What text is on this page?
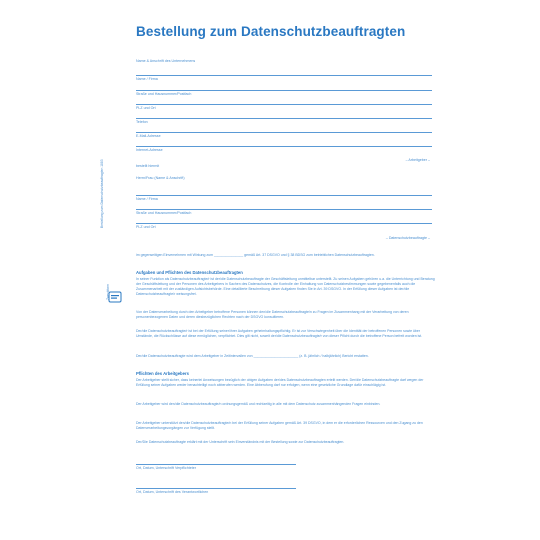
Bestellung zum Datenschutzbeauftragten
Name & Anschrift des Unternehmens
Name / Firma
Straße und Hausnummer/Postfach
PLZ und Ort
Telefon
E-Mail-Adresse
Internet-Adresse
– Arbeitgeber –
bestellt hiermit
Herrn/Frau (Name & Anschrift)
Name / Firma
Straße und Hausnummer/Postfach
PLZ und Ort
– Datenschutzbeauftragte –
im gegenseitigen Einvernehmen mit Wirkung zum _______________ gemäß Art. 37 DSGVO und § 38 BDSG zum betrieblichen Datenschutzbeauftragten.
Aufgaben und Pflichten des Datenschutzbeauftragten
In seiner Funktion als Datenschutzbeauftragte/r ist der/die Datenschutzbeauftragte der Geschäftsleitung unmittelbar unterstellt. Zu seinen Aufgaben gehören u.a. die Unterrichtung und Beratung der Geschäftsleitung und der Personen des Arbeitgebers in Sachen des Datenschutzes, die Kontrolle der Einhaltung von Datenschutzbestimmungen sowie gegebenenfalls auch die Zusammenarbeit mit der zuständigen Aufsichtsbehörde. Eine detaillierte Beschreibung dieser Aufgaben finden Sie in Art. 39 DSGVO. In der Erfüllung dieser Aufgaben ist der/die Datenschutzbeauftragte/r weisungsfrei.
Von der Datenverarbeitung durch den Arbeitgeber betroffene Personen können den/die Datenschutzbeauftragte/n zu Fragen im Zusammenhang mit der Verarbeitung von deren personenbezogenen Daten und deren diesbezüglichen Rechten nach der DSGVO konsultieren.
Der/die Datenschutzbeauftragte/r ist bei der Erfüllung seiner/ihrer Aufgaben geheimhaltungspflichtig. Er ist zur Verschwiegenheit über die Identität der betroffenen Personen sowie über Umstände, die Rückschlüsse auf diese ermöglichen, verpflichtet. Dies gilt nicht, soweit der/die Datenschutzbeauftragte/r von dieser Pflicht durch die betroffene Person befreit worden ist.
Der/die Datenschutzbeauftragte wird dem Arbeitgeber in Zeitintervallen von _______________________ (z. B. jährlich / halbjährlich) Bericht erstatten.
Pflichten des Arbeitgebers
Der Arbeitgeber stellt sicher, dass keinerlei Anweisungen bezüglich der obigen Aufgaben der/des Datenschutzbeauftragten erteilt werden. Der/die Datenschutzbeauftragte darf wegen der Erfüllung seiner Aufgaben weder benachteiligt noch abberufen werden. Eine Abberufung darf nur erfolgen, wenn eine gesetzliche Grundlage dafür einschlägig ist.
Der Arbeitgeber wird den/die Datenschutzbeauftragte/n ordnungsgemäß und rechtzeitig in alle mit dem Datenschutz zusammenhängenden Fragen einbinden.
Der Arbeitgeber unterstützt den/die Datenschutzbeauftragte/n bei der Erfüllung seiner Aufgaben gemäß Art. 39 DSGVO, in dem er die erforderlichen Ressourcen und den Zugang zu den Datenverarbeitungsvorgängen zur Verfügung stellt.
Der/Die Datenschutzbeauftragte erklärt mit der Unterschrift sein Einverständnis mit der Bestellung sowie zur Datenschutzbeauftragten.
Ort, Datum, Unterschrift Verpflichteter
Ort, Datum, Unterschrift des Verantwortlichen
Bestellung zum Datenschutzbeauftragten 1883
Zweckform
